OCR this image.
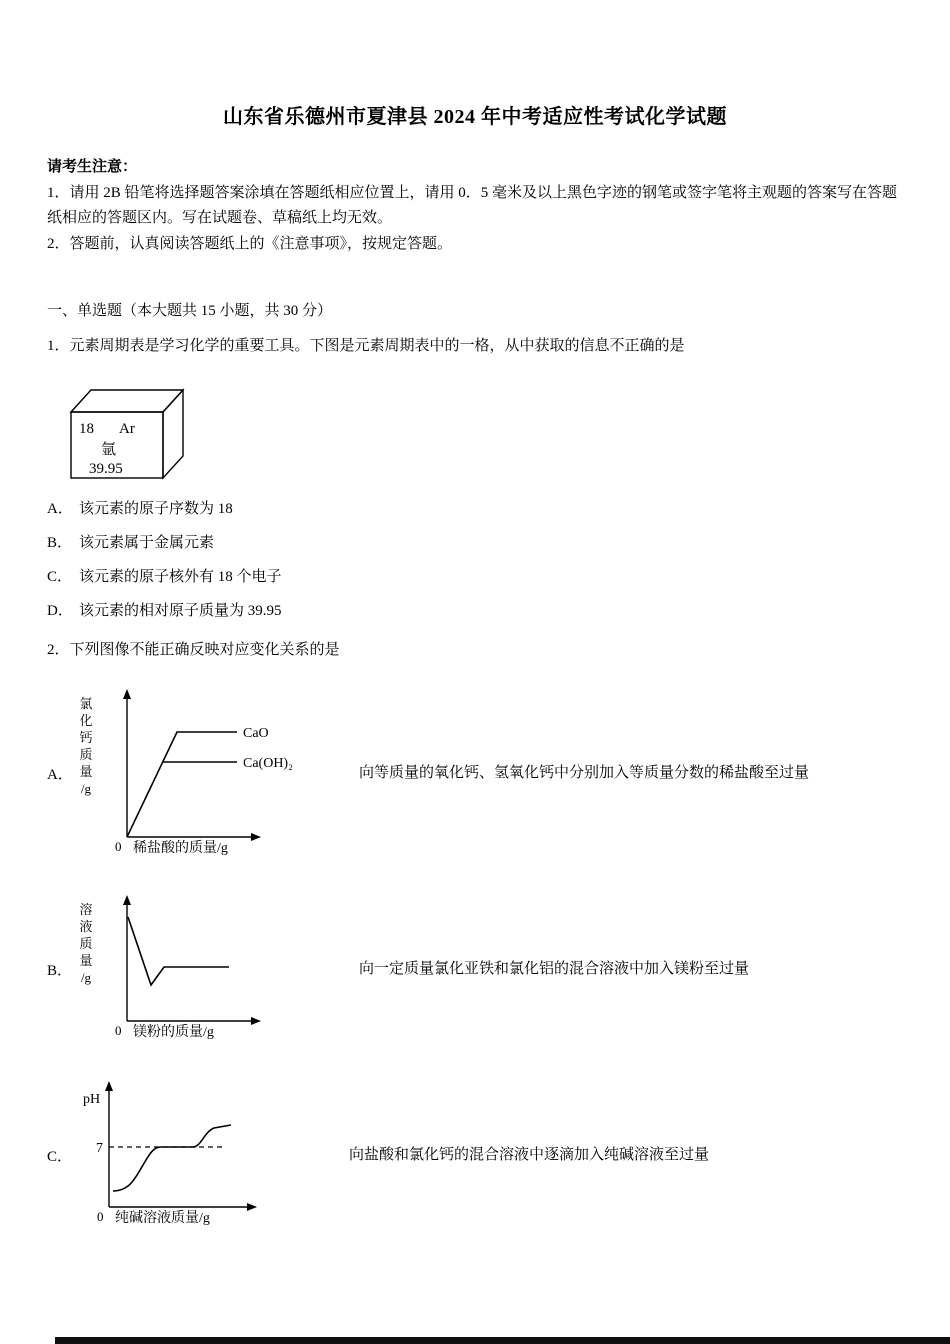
山东省乐德州市夏津县 2024 年中考适应性考试化学试题

请考生注意：

1．请用 2B 铅笔将选择题答案涂填在答题纸相应位置上，请用 0．5 毫米及以上黑色字迹的钢笔或签字笔将主观题的答案写在答题纸相应的答题区内。写在试题卷、草稿纸上均无效。

2．答题前，认真阅读答题纸上的《注意事项》，按规定答题。

一、单选题（本大题共 15 小题，共 30 分）

1．元素周期表是学习化学的重要工具。下图是元素周期表中的一格，从中获取的信息不正确的是

18 Ar
氩
39.95
A． 该元素的原子序数为 18
B． 该元素属于金属元素
C． 该元素的原子核外有 18 个电子
D． 该元素的相对原子质量为 39.95

2．下列图像不能正确反映对应变化关系的是

A．
氯
化
钙
质
量
/g
CaO
Ca(OH)₂
0 稀盐酸的质量/g
向等质量的氧化钙、氢氧化钙中分别加入等质量分数的稀盐酸至过量
B．
溶
液
质
量
/g
0 镁粉的质量/g
向一定质量氯化亚铁和氯化铝的混合溶液中加入镁粉至过量
C．
pH
7
0 纯碱溶液质量/g
向盐酸和氯化钙的混合溶液中逐滴加入纯碱溶液至过量
